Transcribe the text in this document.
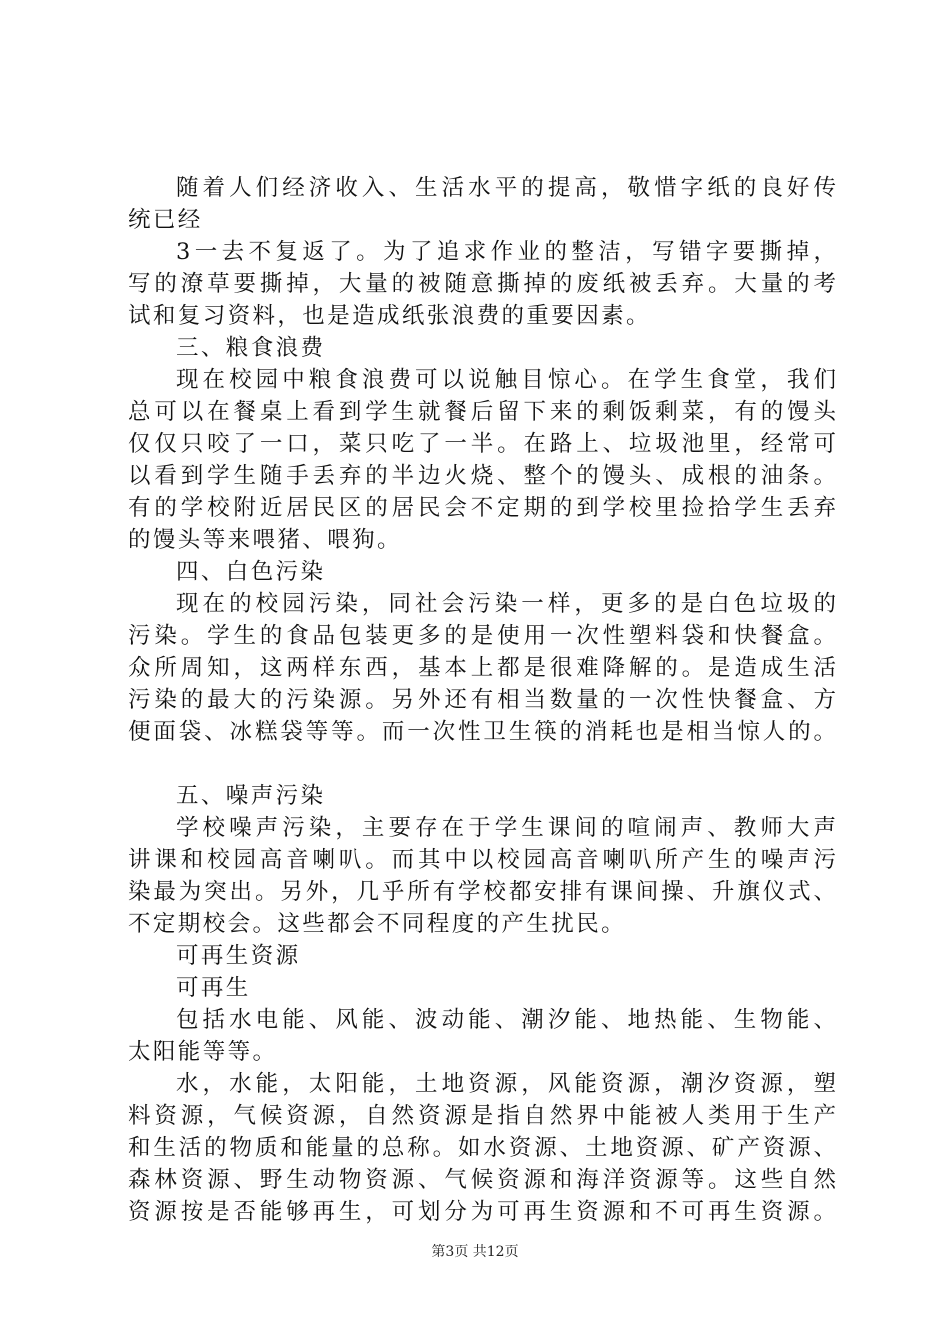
随着人们经济收入、生活水平的提高，敬惜字纸的良好传
统已经
3一去不复返了。为了追求作业的整洁，写错字要撕掉，
写的潦草要撕掉，大量的被随意撕掉的废纸被丢弃。大量的考
试和复习资料，也是造成纸张浪费的重要因素。
三、粮食浪费
现在校园中粮食浪费可以说触目惊心。在学生食堂，我们
总可以在餐桌上看到学生就餐后留下来的剩饭剩菜，有的馒头
仅仅只咬了一口，菜只吃了一半。在路上、垃圾池里，经常可
以看到学生随手丢弃的半边火烧、整个的馒头、成根的油条。
有的学校附近居民区的居民会不定期的到学校里捡拾学生丢弃
的馒头等来喂猪、喂狗。
四、白色污染
现在的校园污染，同社会污染一样，更多的是白色垃圾的
污染。学生的食品包装更多的是使用一次性塑料袋和快餐盒。
众所周知，这两样东西，基本上都是很难降解的。是造成生活
污染的最大的污染源。另外还有相当数量的一次性快餐盒、方
便面袋、冰糕袋等等。而一次性卫生筷的消耗也是相当惊人的。
五、噪声污染
学校噪声污染，主要存在于学生课间的喧闹声、教师大声
讲课和校园高音喇叭。而其中以校园高音喇叭所产生的噪声污
染最为突出。另外，几乎所有学校都安排有课间操、升旗仪式、
不定期校会。这些都会不同程度的产生扰民。
可再生资源
可再生
包括水电能、风能、波动能、潮汐能、地热能、生物能、
太阳能等等。
水，水能，太阳能，土地资源，风能资源，潮汐资源，塑
料资源，气候资源，自然资源是指自然界中能被人类用于生产
和生活的物质和能量的总称。如水资源、土地资源、矿产资源、
森林资源、野生动物资源、气候资源和海洋资源等。这些自然
资源按是否能够再生，可划分为可再生资源和不可再生资源。
第3页 共12页
